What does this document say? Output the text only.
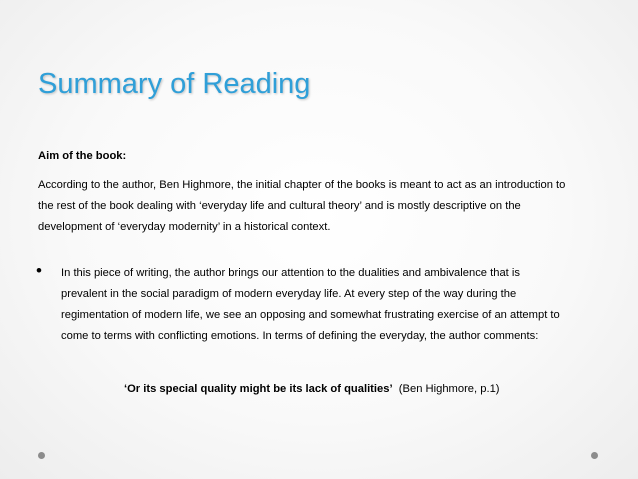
Summary of Reading
Aim of the book:
According to the author, Ben Highmore, the initial chapter of the books is meant to act as an introduction to
the rest of the book dealing with ‘everyday life and cultural theory’ and is mostly descriptive on the
development of ‘everyday modernity’ in a historical context.
• In this piece of writing, the author brings our attention to the dualities and ambivalence that is
prevalent in the social paradigm of modern everyday life. At every step of the way during the
regimentation of modern life, we see an opposing and somewhat frustrating exercise of an attempt to
come to terms with conflicting emotions. In terms of defining the everyday, the author comments:
‘Or its special quality might be its lack of qualities’ (Ben Highmore, p.1)
